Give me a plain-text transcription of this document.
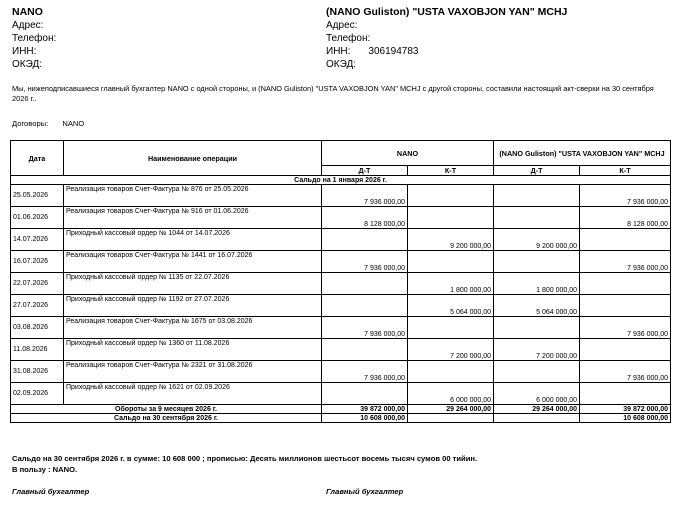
NANO
Адрес:
Телефон:
ИНН:
ОКЭД:
(NANO Guliston) "USTA VAXOBJON YAN" MCHJ
Адрес:
Телефон:
ИНН: 306194783
ОКЭД:
Мы, нижеподписавшиеся главный бухгалтер NANO с одной стороны, и (NANO Guliston) "USTA VAXOBJON YAN" MCHJ с другой стороны, составили настоящий акт-сверки на 30 сентября 2026 г..
Договоры: NANO
Дата	Наименование операции	NANO		(NANO Guliston) "USTA VAXOBJON YAN" MCHJ	
		Д-Т	К-Т	Д-Т	К-Т
Сальдо на 1 января 2026 г.					
25.05.2026	Реализация товаров Счет-Фактура № 876 от 25.05.2026	7 936 000,00			7 936 000,00
01.06.2026	Реализация товаров Счет-Фактура № 916 от 01.06.2026	8 128 000,00			8 128 000,00
14.07.2026	Приходный кассовый ордер № 1044 от 14.07.2026		9 200 000,00	9 200 000,00	
16.07.2026	Реализация товаров Счет-Фактура № 1441 от 16.07.2026	7 936 000,00			7 936 000,00
22.07.2026	Приходный кассовый ордер № 1135 от 22.07.2026		1 800 000,00	1 800 000,00	
27.07.2026	Приходный кассовый ордер № 1192 от 27.07.2026		5 064 000,00	5 064 000,00	
03.08.2026	Реализация товаров Счет-Фактура № 1675 от 03.08.2026	7 936 000,00			7 936 000,00
11.08.2026	Приходный кассовый ордер № 1360 от 11.08.2026		7 200 000,00	7 200 000,00	
31.08.2026	Реализация товаров Счет-Фактура № 2321 от 31.08.2026	7 936 000,00			7 936 000,00
02.09.2026	Приходный кассовый ордер № 1621 от 02.09.2026		6 000 000,00	6 000 000,00	
Обороты за 9 месяцев 2026 г.		39 872 000,00	29 264 000,00	29 264 000,00	39 872 000,00
Сальдо на 30 сентября 2026 г.		10 608 000,00			10 608 000,00
Сальдо на 30 сентября 2026 г. в сумме: 10 608 000 ; прописью: Десять миллионов шестьсот восемь тысяч сумов 00 тийин.
В пользу : NANO.
Главный бухгалтер	Главный бухгалтер
